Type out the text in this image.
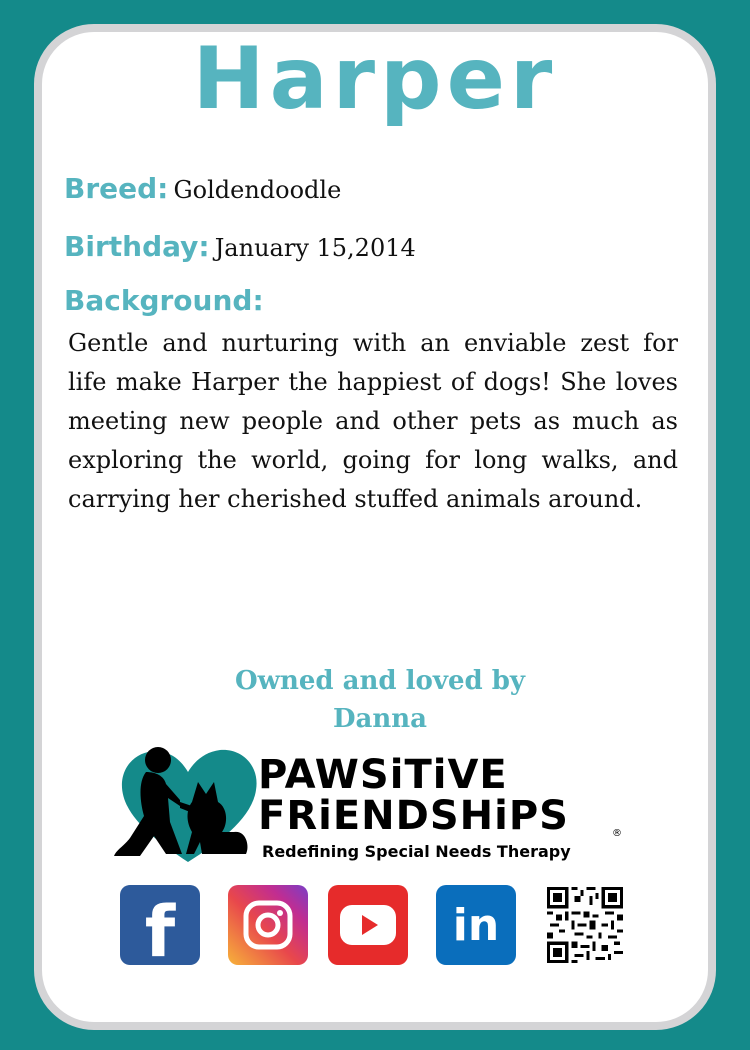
Harper
Breed: Goldendoodle
Birthday: January 15,2014
Background:
Gentle and nurturing with an enviable zest for life make Harper the happiest of dogs! She loves meeting new people and other pets as much as exploring the world, going for long walks, and carrying her cherished stuffed animals around.
Owned and loved by
Danna
PAWSiTiVE
FRiENDSHiPS	®
Redefining Special Needs Therapy
f	in
